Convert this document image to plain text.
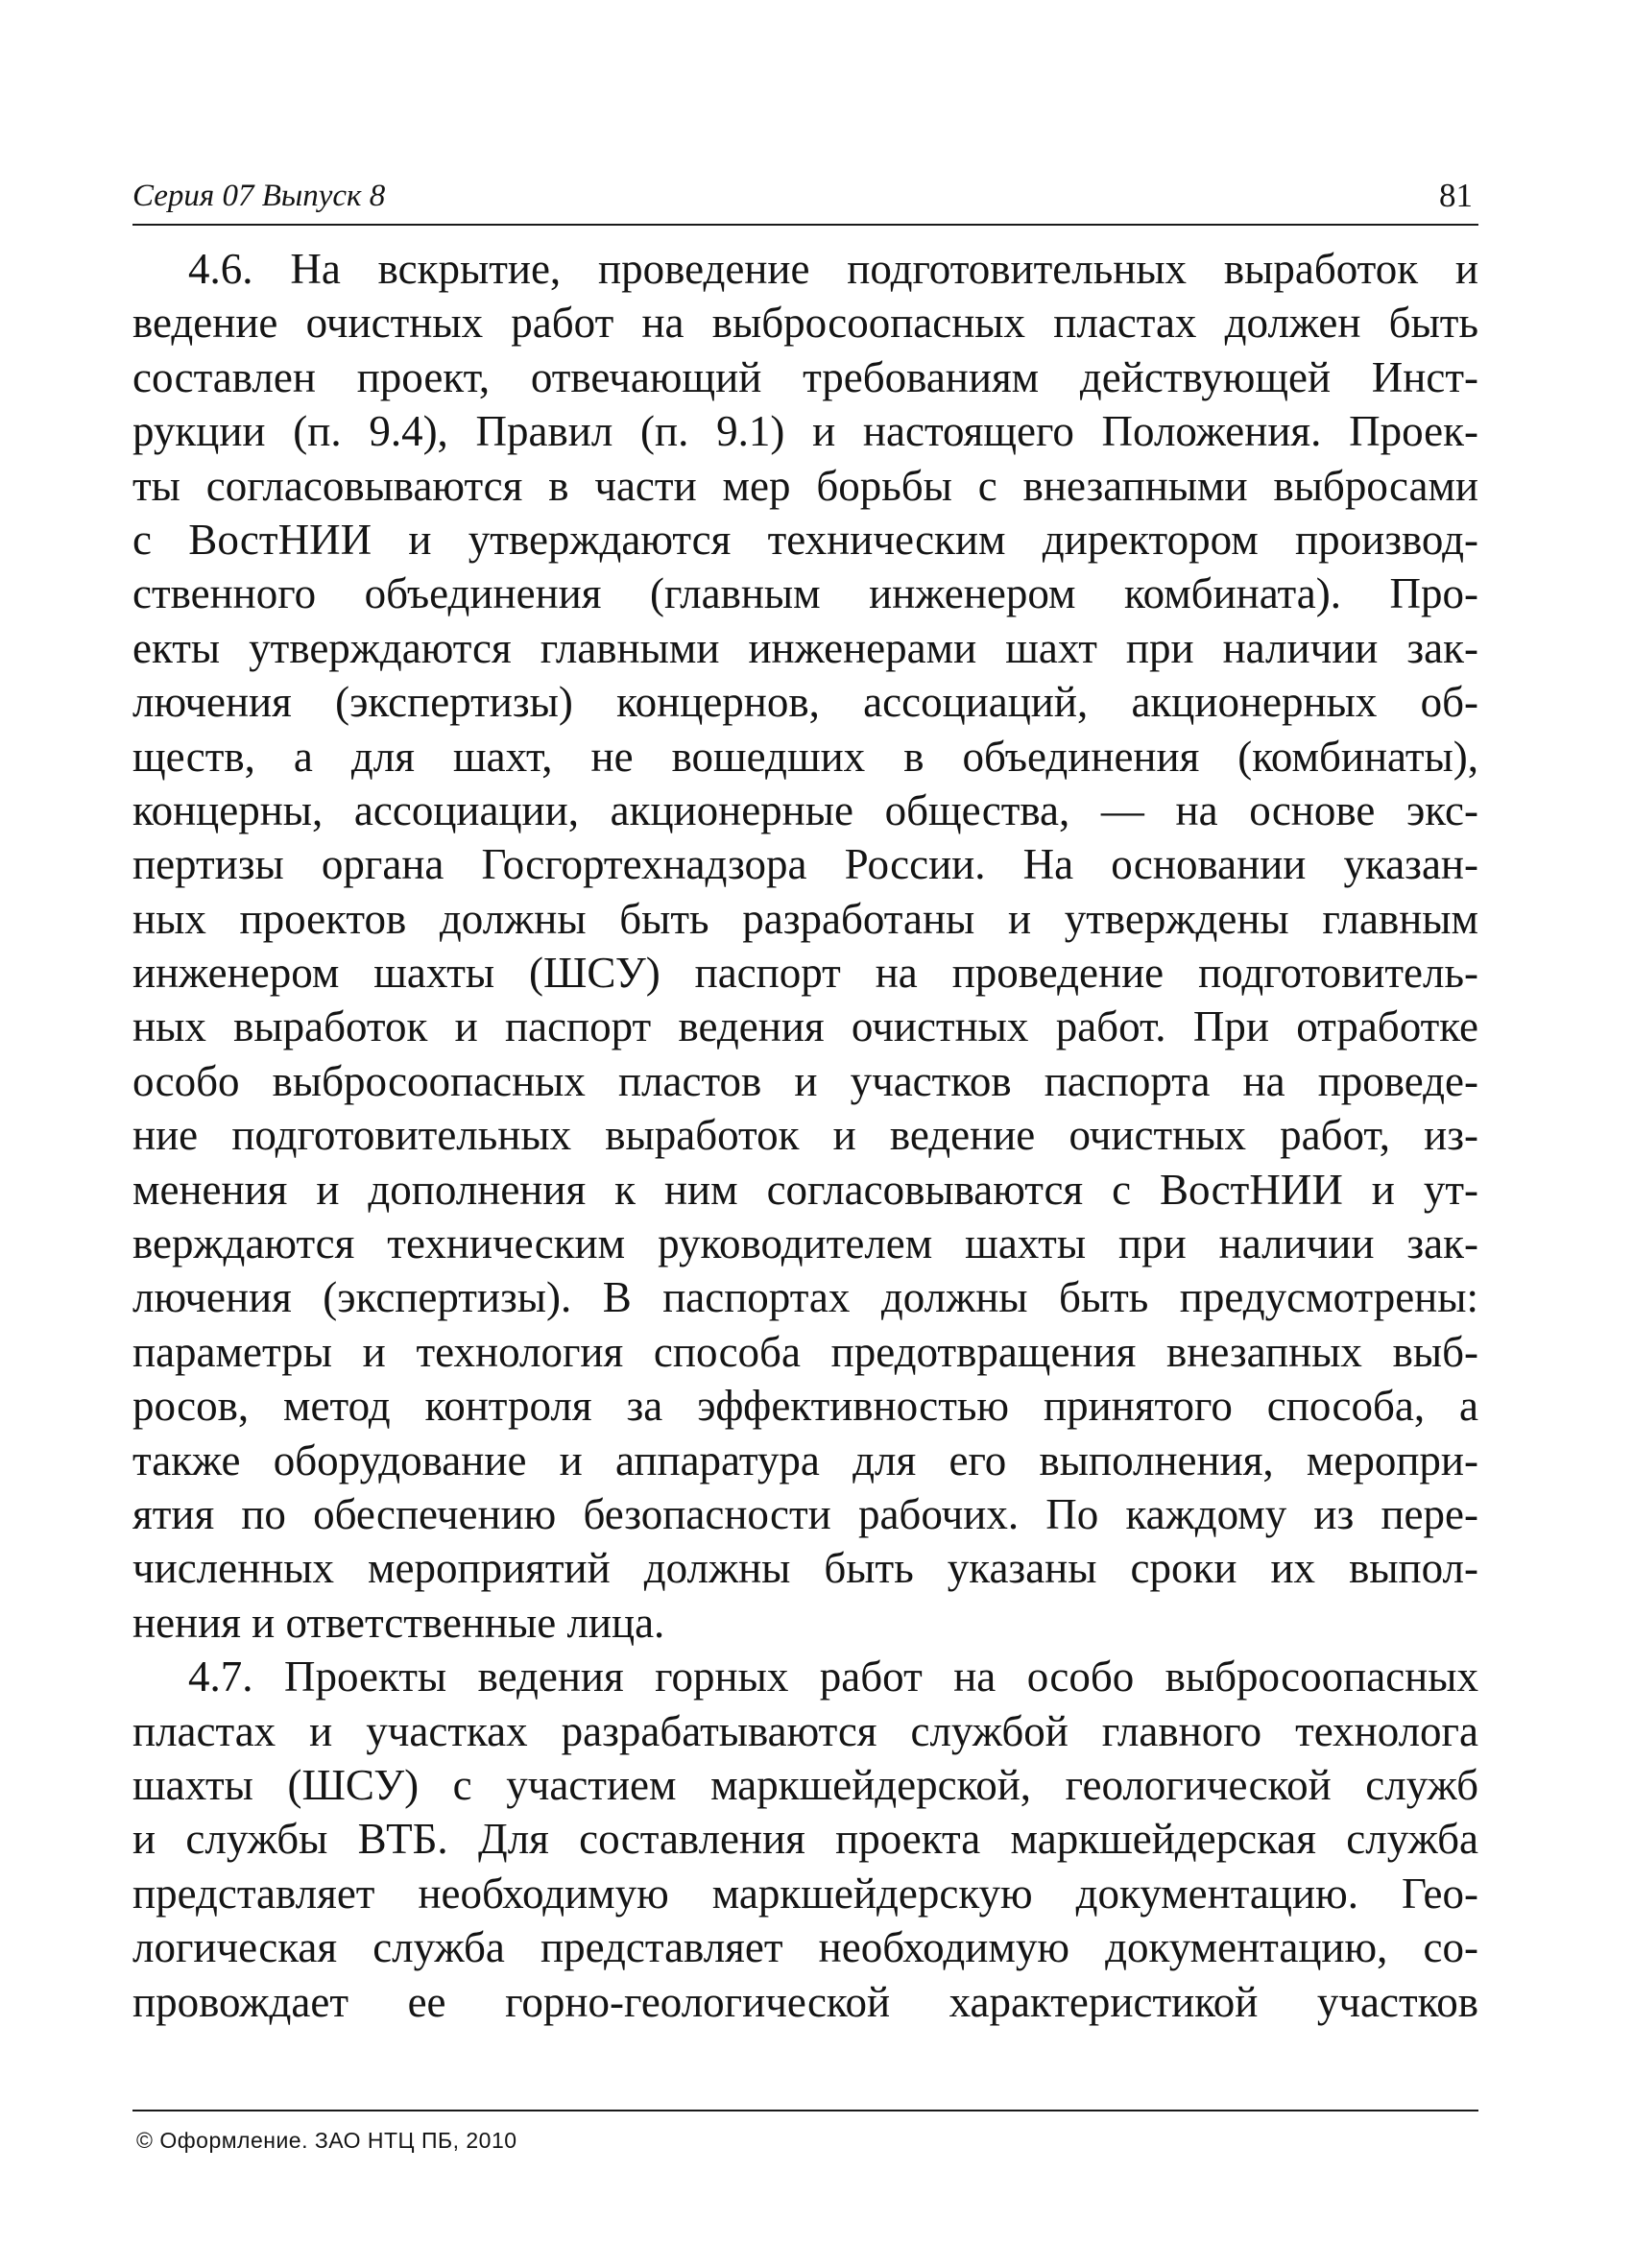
Серия 07 Выпуск 8	81
4.6. На вскрытие, проведение подготовительных выработок и
ведение очистных работ на выбросоопасных пластах должен быть
составлен проект, отвечающий требованиям действующей Инст-
рукции (п. 9.4), Правил (п. 9.1) и настоящего Положения. Проек-
ты согласовываются в части мер борьбы с внезапными выбросами
с ВостНИИ и утверждаются техническим директором производ-
ственного объединения (главным инженером комбината). Про-
екты утверждаются главными инженерами шахт при наличии зак-
лючения (экспертизы) концернов, ассоциаций, акционерных об-
ществ, а для шахт, не вошедших в объединения (комбинаты),
концерны, ассоциации, акционерные общества, — на основе экс-
пертизы органа Госгортехнадзора России. На основании указан-
ных проектов должны быть разработаны и утверждены главным
инженером шахты (ШСУ) паспорт на проведение подготовитель-
ных выработок и паспорт ведения очистных работ. При отработке
особо выбросоопасных пластов и участков паспорта на проведе-
ние подготовительных выработок и ведение очистных работ, из-
менения и дополнения к ним согласовываются с ВостНИИ и ут-
верждаются техническим руководителем шахты при наличии зак-
лючения (экспертизы). В паспортах должны быть предусмотрены:
параметры и технология способа предотвращения внезапных выб-
росов, метод контроля за эффективностью принятого способа, а
также оборудование и аппаратура для его выполнения, меропри-
ятия по обеспечению безопасности рабочих. По каждому из пере-
численных мероприятий должны быть указаны сроки их выпол-
нения и ответственные лица.
4.7. Проекты ведения горных работ на особо выбросоопасных
пластах и участках разрабатываются службой главного технолога
шахты (ШСУ) с участием маркшейдерской, геологической служб
и службы ВТБ. Для составления проекта маркшейдерская служба
представляет необходимую маркшейдерскую документацию. Гео-
логическая служба представляет необходимую документацию, со-
провождает ее горно-геологической характеристикой участков
© Оформление. ЗАО НТЦ ПБ, 2010
